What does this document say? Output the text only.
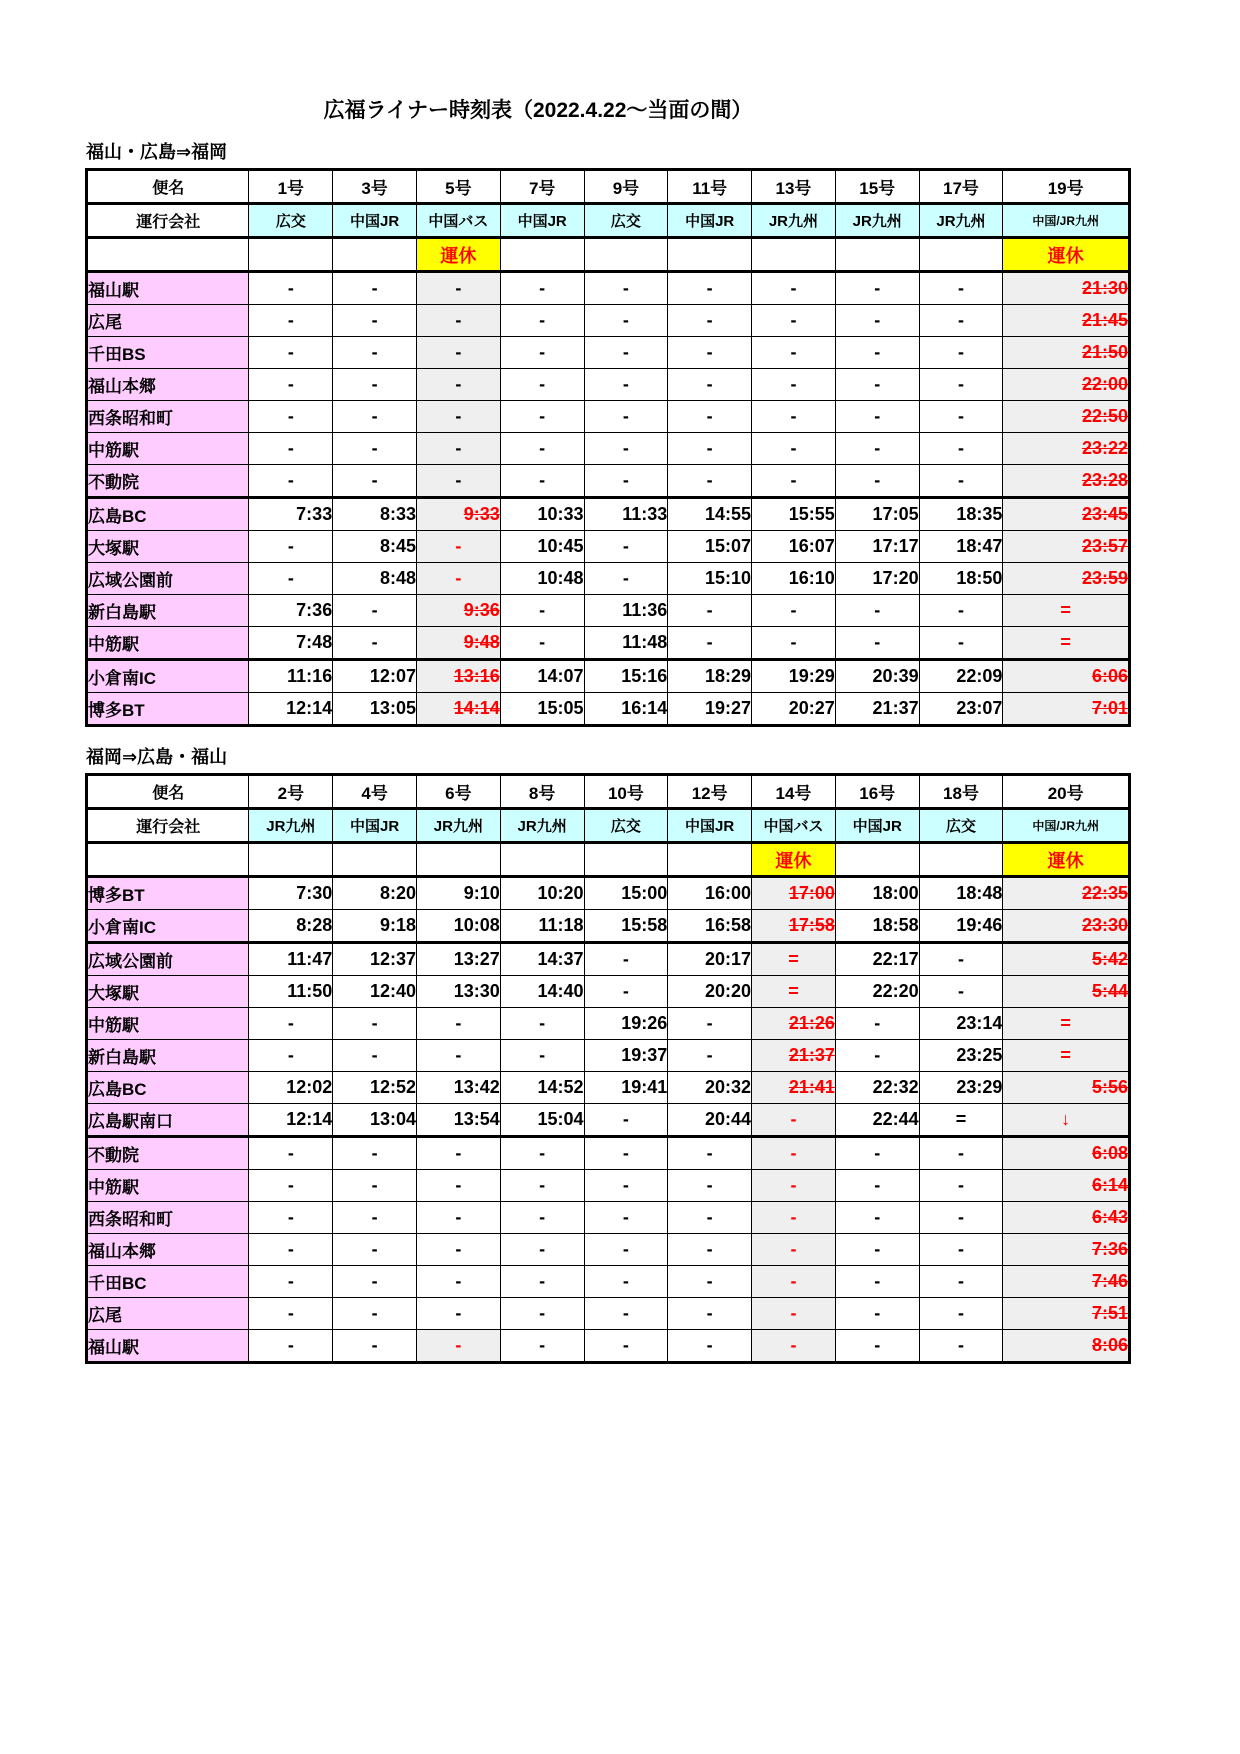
広福ライナー時刻表（2022.4.22～当面の間）
福山・広島⇒福岡
便名	1号	3号	5号	7号	9号	11号	13号	15号	17号	19号
運行会社	広交	中国JR	中国バス	中国JR	広交	中国JR	JR九州	JR九州	JR九州	中国/JR九州
			運休							運休
福山駅	-	-	-	-	-	-	-	-	-	21:30
広尾	-	-	-	-	-	-	-	-	-	21:45
千田BS	-	-	-	-	-	-	-	-	-	21:50
福山本郷	-	-	-	-	-	-	-	-	-	22:00
西条昭和町	-	-	-	-	-	-	-	-	-	22:50
中筋駅	-	-	-	-	-	-	-	-	-	23:22
不動院	-	-	-	-	-	-	-	-	-	23:28
広島BC	7:33	8:33	9:33	10:33	11:33	14:55	15:55	17:05	18:35	23:45
大塚駅	-	8:45	-	10:45	-	15:07	16:07	17:17	18:47	23:57
広域公園前	-	8:48	-	10:48	-	15:10	16:10	17:20	18:50	23:59
新白島駅	7:36	-	9:36	-	11:36	-	-	-	-	=
中筋駅	7:48	-	9:48	-	11:48	-	-	-	-	=
小倉南IC	11:16	12:07	13:16	14:07	15:16	18:29	19:29	20:39	22:09	6:06
博多BT	12:14	13:05	14:14	15:05	16:14	19:27	20:27	21:37	23:07	7:01
福岡⇒広島・福山
便名	2号	4号	6号	8号	10号	12号	14号	16号	18号	20号
運行会社	JR九州	中国JR	JR九州	JR九州	広交	中国JR	中国バス	中国JR	広交	中国/JR九州
							運休			運休
博多BT	7:30	8:20	9:10	10:20	15:00	16:00	17:00	18:00	18:48	22:35
小倉南IC	8:28	9:18	10:08	11:18	15:58	16:58	17:58	18:58	19:46	23:30
広域公園前	11:47	12:37	13:27	14:37	-	20:17	=	22:17	-	5:42
大塚駅	11:50	12:40	13:30	14:40	-	20:20	=	22:20	-	5:44
中筋駅	-	-	-	-	19:26	-	21:26	-	23:14	=
新白島駅	-	-	-	-	19:37	-	21:37	-	23:25	=
広島BC	12:02	12:52	13:42	14:52	19:41	20:32	21:41	22:32	23:29	5:56
広島駅南口	12:14	13:04	13:54	15:04	-	20:44	-	22:44	=	↓
不動院	-	-	-	-	-	-	-	-	-	6:08
中筋駅	-	-	-	-	-	-	-	-	-	6:14
西条昭和町	-	-	-	-	-	-	-	-	-	6:43
福山本郷	-	-	-	-	-	-	-	-	-	7:36
千田BC	-	-	-	-	-	-	-	-	-	7:46
広尾	-	-	-	-	-	-	-	-	-	7:51
福山駅	-	-	-	-	-	-	-	-	-	8:06
